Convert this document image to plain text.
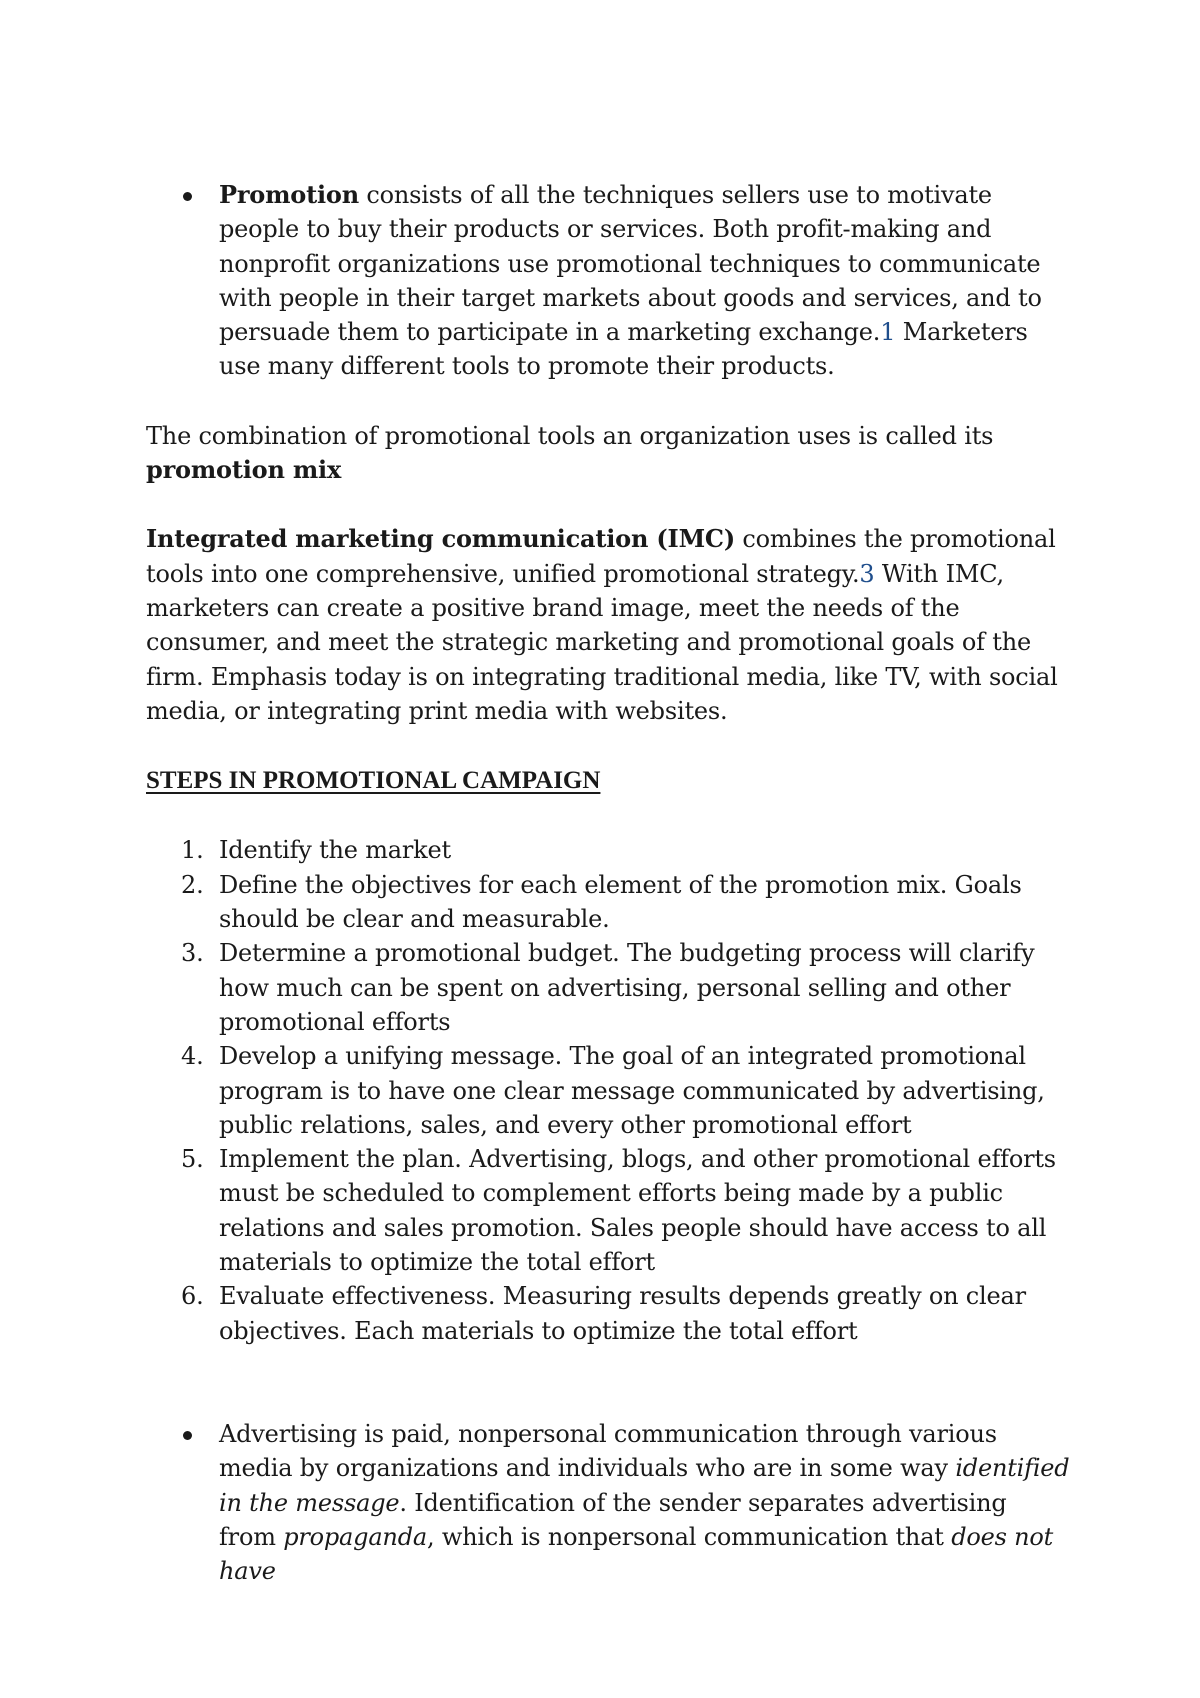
Promotion consists of all the techniques sellers use to motivate people to buy their products or services. Both profit-making and nonprofit organizations use promotional techniques to communicate with people in their target markets about goods and services, and to persuade them to participate in a marketing exchange.1 Marketers use many different tools to promote their products.

The combination of promotional tools an organization uses is called its promotion mix

Integrated marketing communication (IMC) combines the promotional tools into one comprehensive, unified promotional strategy.3 With IMC, marketers can create a positive brand image, meet the needs of the consumer, and meet the strategic marketing and promotional goals of the firm. Emphasis today is on integrating traditional media, like TV, with social media, or integrating print media with websites.

STEPS IN PROMOTIONAL CAMPAIGN

1. Identify the market
2. Define the objectives for each element of the promotion mix. Goals should be clear and measurable.
3. Determine a promotional budget. The budgeting process will clarify how much can be spent on advertising, personal selling and other promotional efforts
4. Develop a unifying message. The goal of an integrated promotional program is to have one clear message communicated by advertising, public relations, sales, and every other promotional effort
5. Implement the plan. Advertising, blogs, and other promotional efforts must be scheduled to complement efforts being made by a public relations and sales promotion. Sales people should have access to all materials to optimize the total effort
6. Evaluate effectiveness. Measuring results depends greatly on clear objectives. Each materials to optimize the total effort
Advertising is paid, nonpersonal communication through various media by organizations and individuals who are in some way identified in the message. Identification of the sender separates advertising from propaganda, which is nonpersonal communication that does not have
